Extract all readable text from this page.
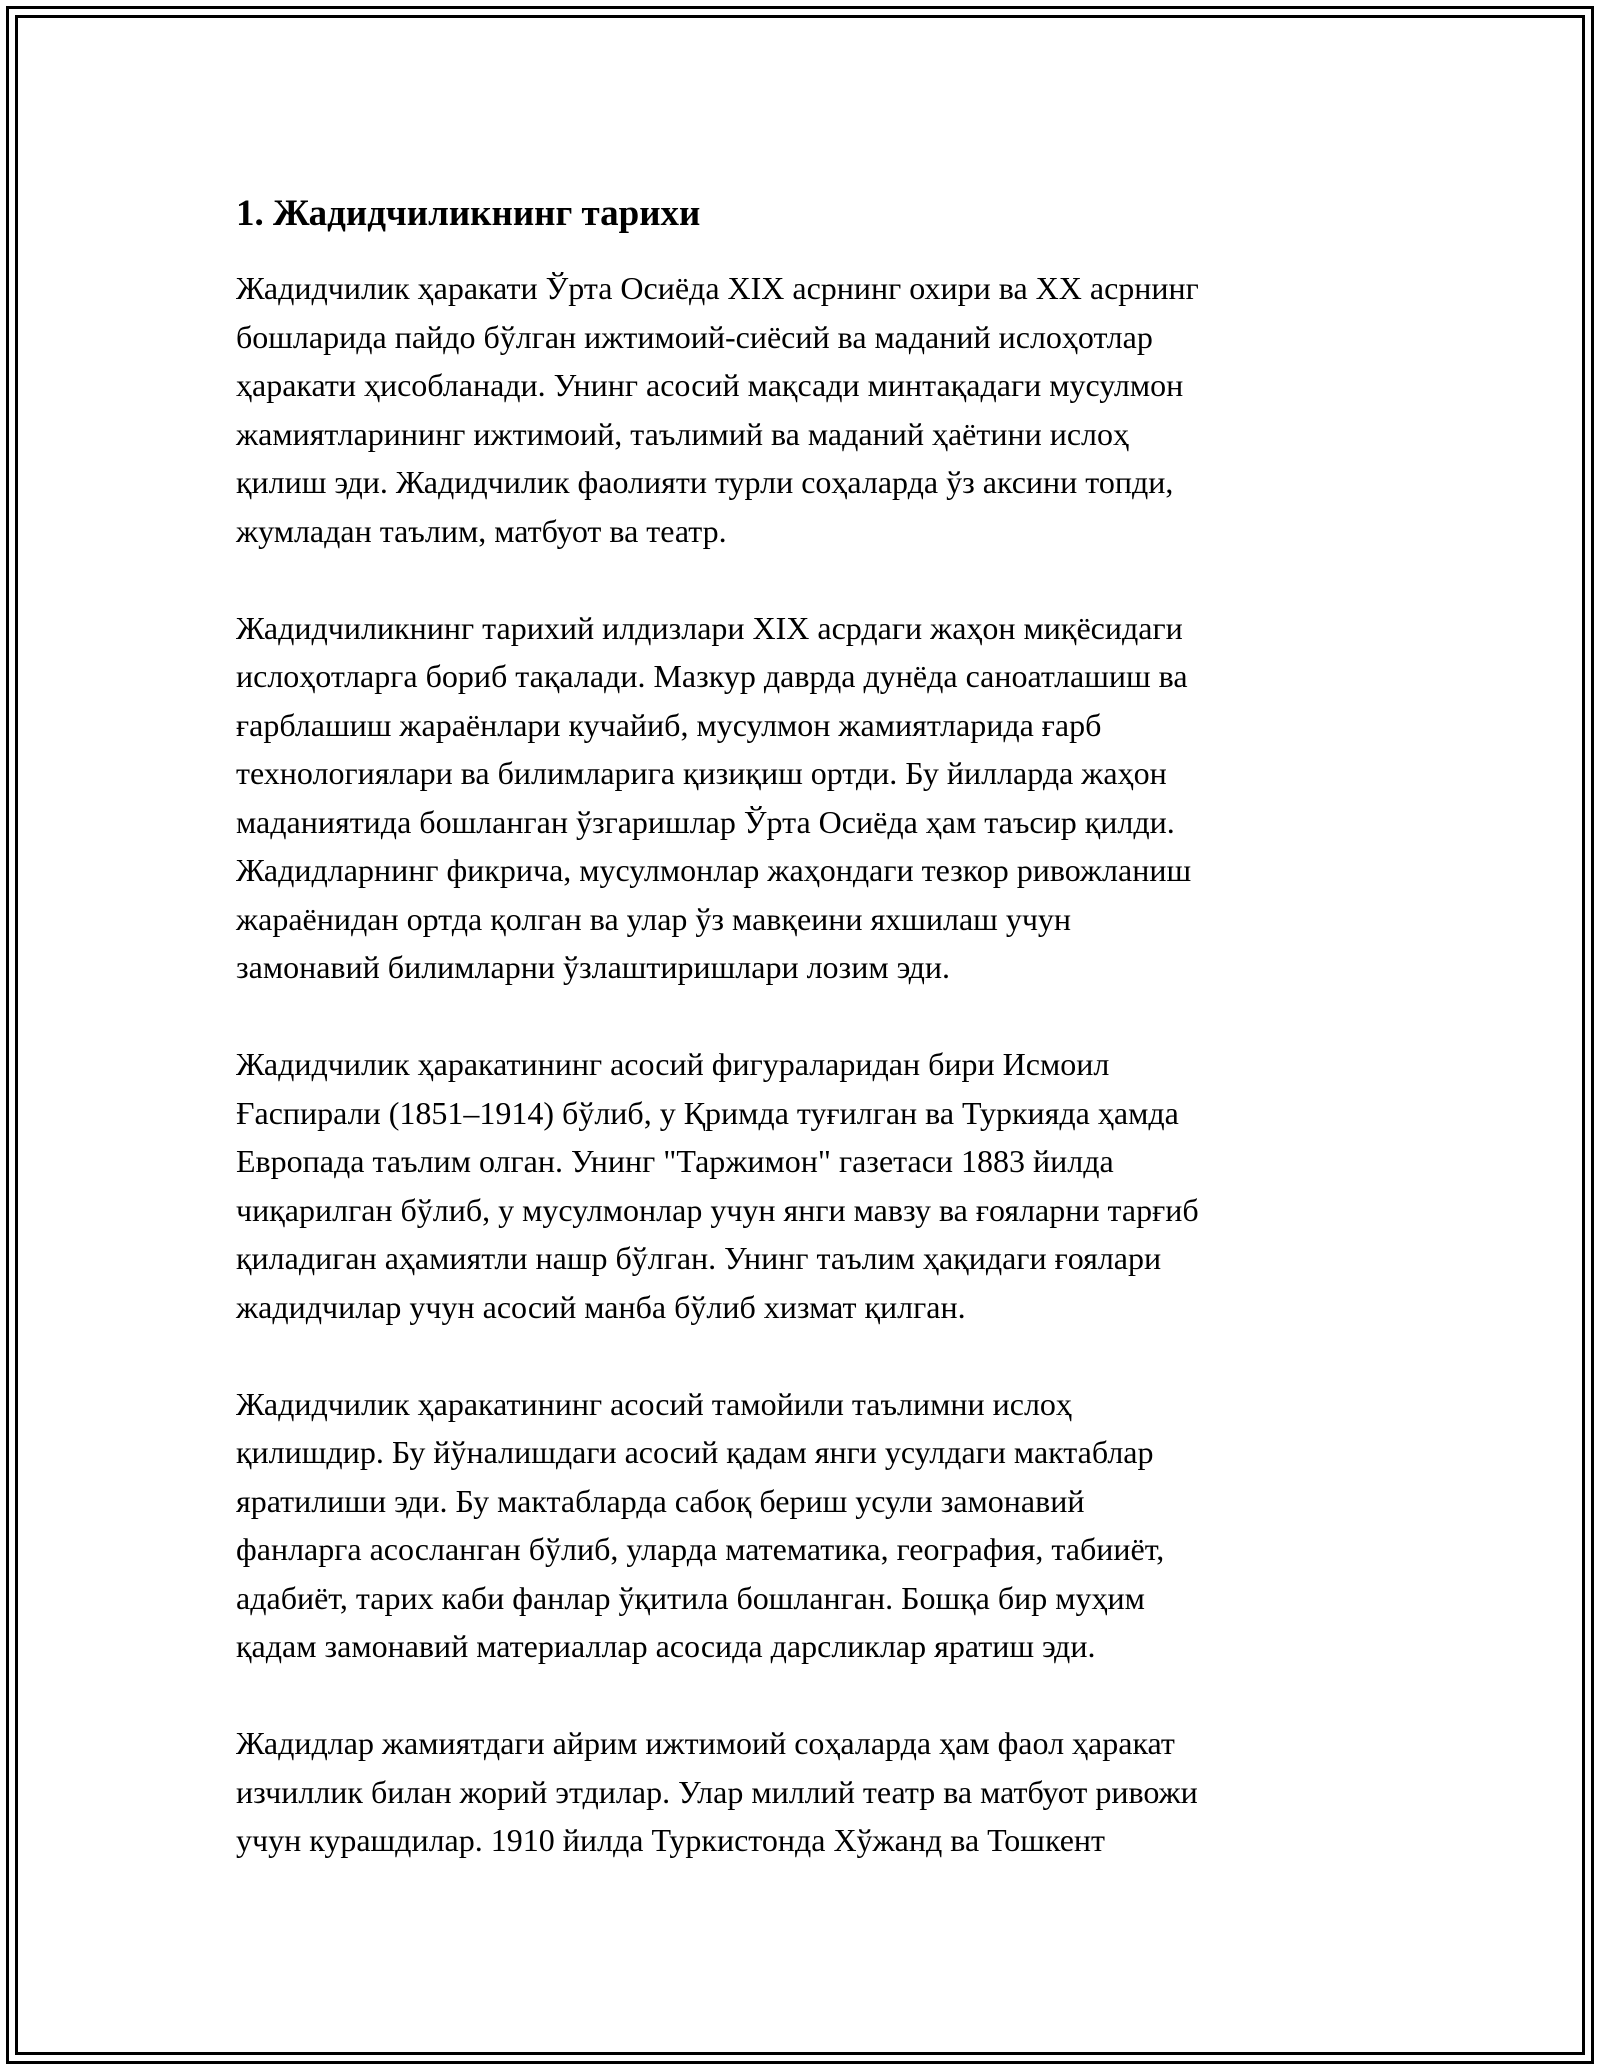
1. Жадидчиликнинг тарихи

Жадидчилик ҳаракати Ўрта Осиёда XIX асрнинг охири ва XX асрнинг
бошларида пайдо бўлган ижтимоий-сиёсий ва маданий ислоҳотлар
ҳаракати ҳисобланади. Унинг асосий мақсади минтақадаги мусулмон
жамиятларининг ижтимоий, таълимий ва маданий ҳаётини ислоҳ
қилиш эди. Жадидчилик фаолияти турли соҳаларда ўз аксини топди,
жумладан таълим, матбуот ва театр.

Жадидчиликнинг тарихий илдизлари XIX асрдаги жаҳон миқёсидаги
ислоҳотларга бориб тақалади. Мазкур даврда дунёда саноатлашиш ва
ғарблашиш жараёнлари кучайиб, мусулмон жамиятларида ғарб
технологиялари ва билимларига қизиқиш ортди. Бу йилларда жаҳон
маданиятида бошланган ўзгаришлар Ўрта Осиёда ҳам таъсир қилди.
Жадидларнинг фикрича, мусулмонлар жаҳондаги тезкор ривожланиш
жараёнидан ортда қолган ва улар ўз мавқеини яхшилаш учун
замонавий билимларни ўзлаштиришлари лозим эди.

Жадидчилик ҳаракатининг асосий фигураларидан бири Исмоил
Ғаспирали (1851–1914) бўлиб, у Қримда туғилган ва Туркияда ҳамда
Европада таълим олган. Унинг "Таржимон" газетаси 1883 йилда
чиқарилган бўлиб, у мусулмонлар учун янги мавзу ва ғояларни тарғиб
қиладиган аҳамиятли нашр бўлган. Унинг таълим ҳақидаги ғоялари
жадидчилар учун асосий манба бўлиб хизмат қилган.

Жадидчилик ҳаракатининг асосий тамойили таълимни ислоҳ
қилишдир. Бу йўналишдаги асосий қадам янги усулдаги мактаблар
яратилиши эди. Бу мактабларда сабоқ бериш усули замонавий
фанларга асосланган бўлиб, уларда математика, география, табииёт,
адабиёт, тарих каби фанлар ўқитила бошланган. Бошқа бир муҳим
қадам замонавий материаллар асосида дарсликлар яратиш эди.

Жадидлар жамиятдаги айрим ижтимоий соҳаларда ҳам фаол ҳаракат
изчиллик билан жорий этдилар. Улар миллий театр ва матбуот ривожи
учун курашдилар. 1910 йилда Туркистонда Хўжанд ва Тошкент
